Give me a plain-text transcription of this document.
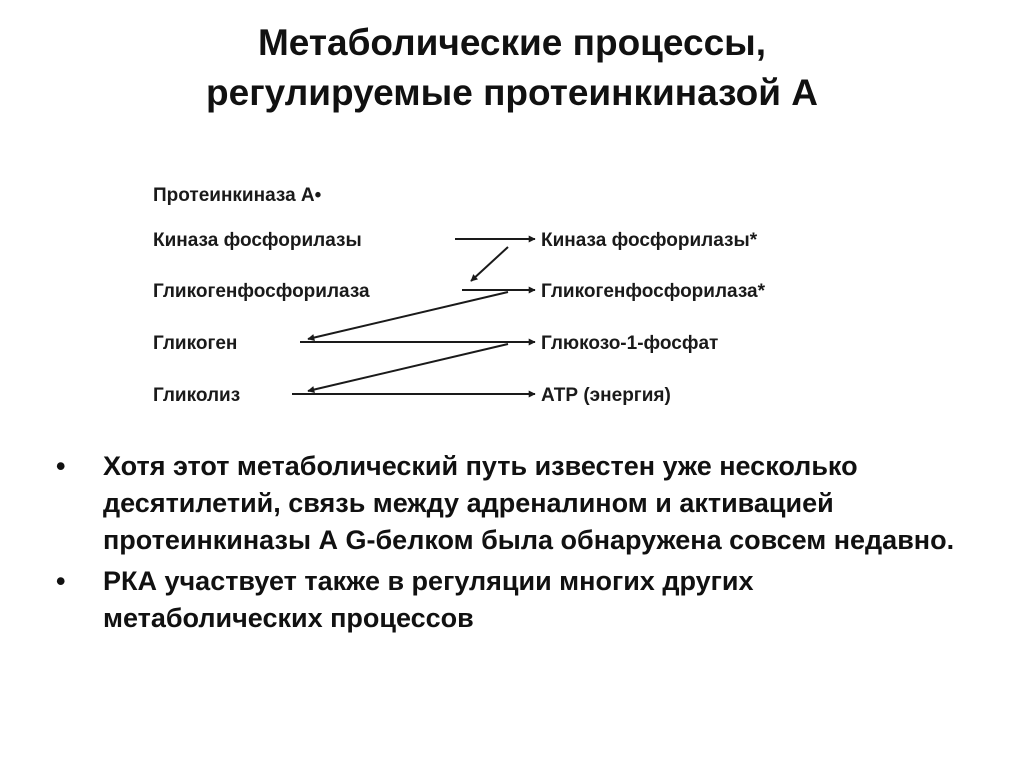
Метаболические процессы,
регулируемые протеинкиназой А
Протеинкиназа А•
Киназа фосфорилазы	Киназа фосфорилазы*
Гликогенфосфорилаза	Гликогенфосфорилаза*
Гликоген	Глюкозо-1-фосфат
Гликолиз	АТР (энергия)
• Хотя этот метаболический путь известен уже несколько десятилетий, связь между адреналином и активацией протеинкиназы А G-белком была обнаружена совсем недавно.
• РКА участвует также в регуляции многих других метаболических процессов
